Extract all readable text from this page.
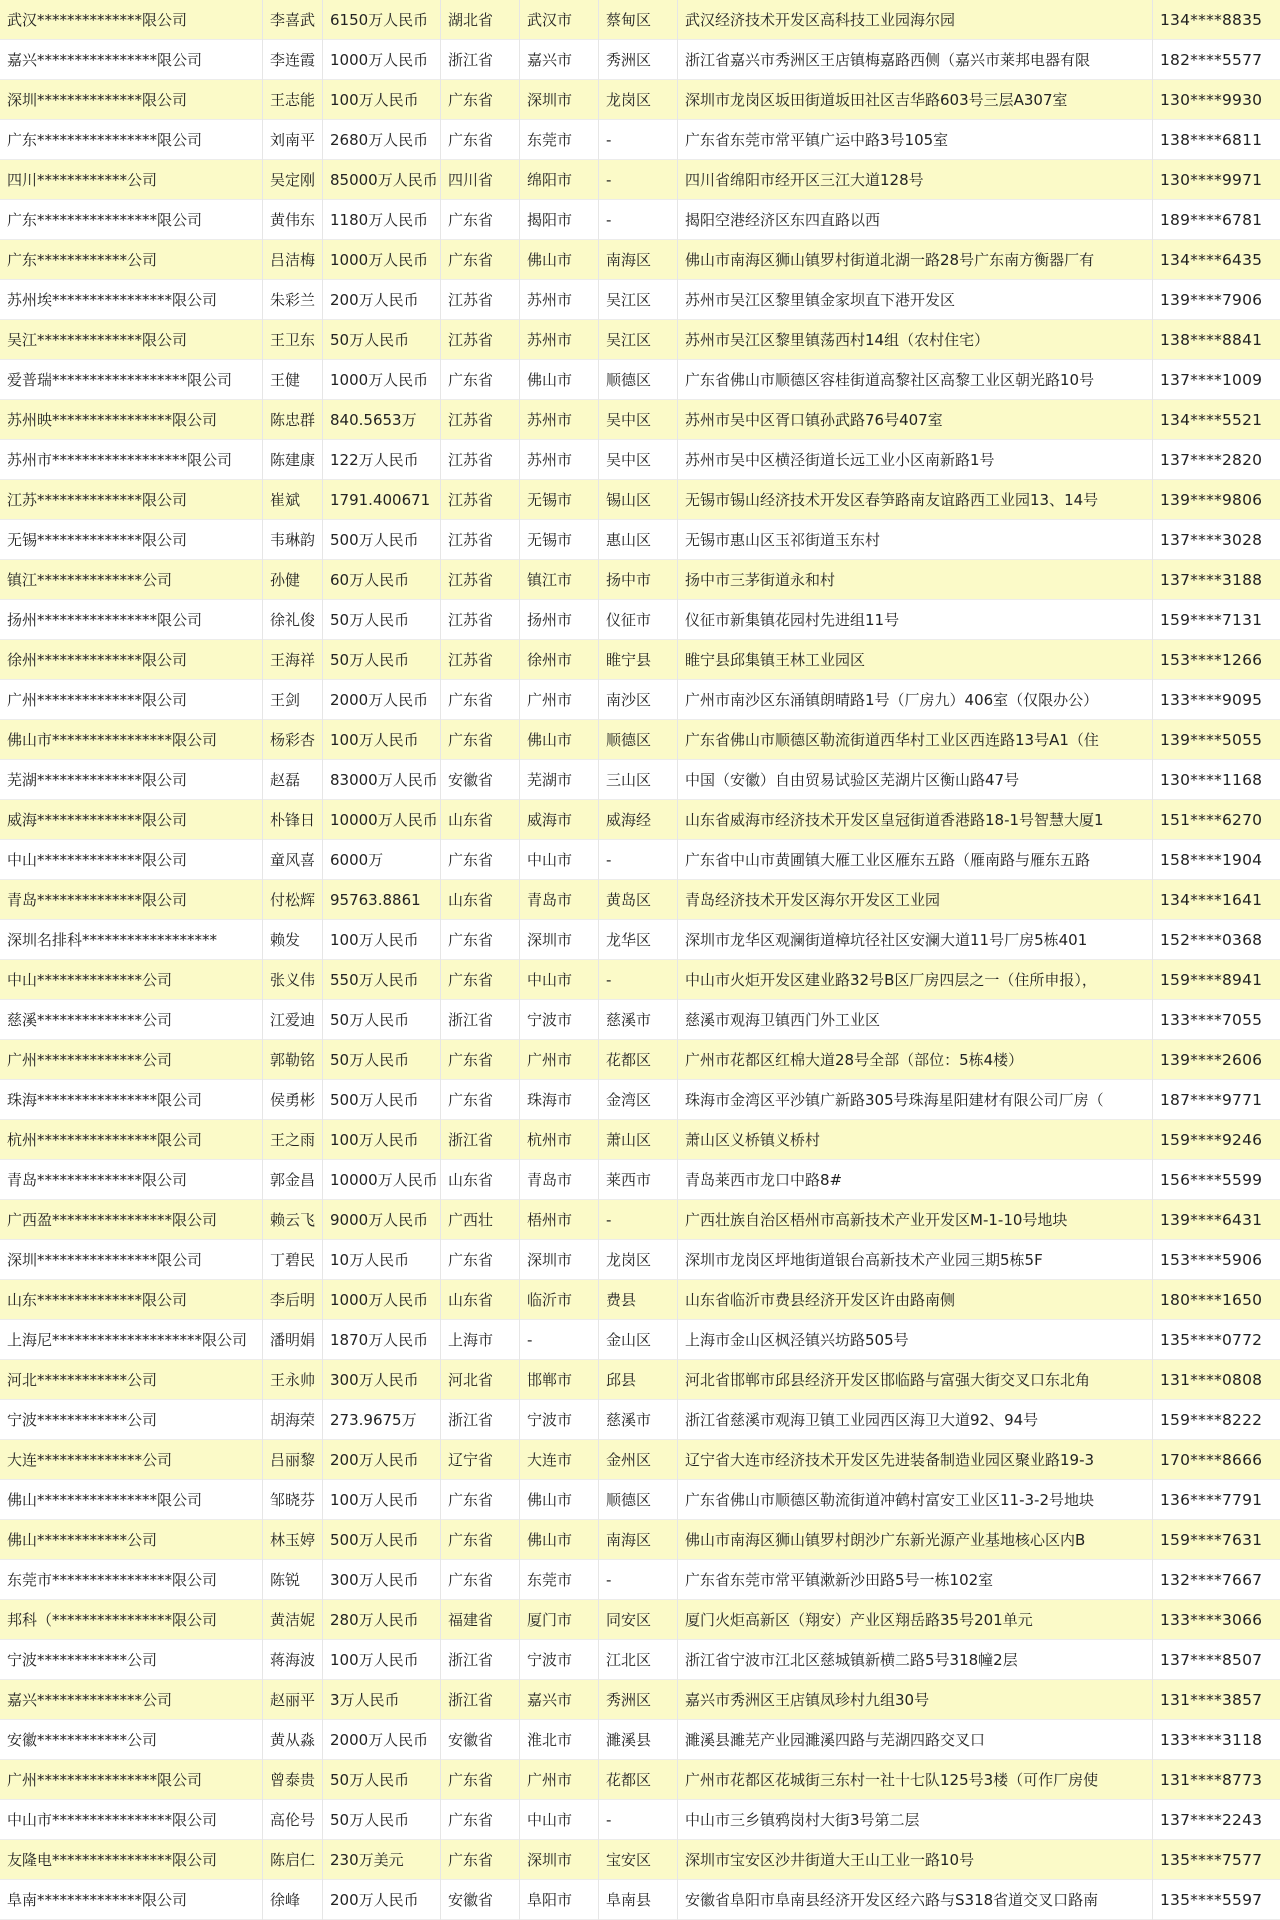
武汉**************限公司	李喜武 6150万人民币	湖北省	武汉市	蔡甸区	武汉经济技术开发区高科技工业园海尔园	134****8835
嘉兴****************限公司	李连霞 1000万人民币	浙江省	嘉兴市	秀洲区	浙江省嘉兴市秀洲区王店镇梅嘉路西侧（嘉兴市莱邦电器有限	182****5577
深圳**************限公司	王志能 100万人民币	广东省	深圳市	龙岗区	深圳市龙岗区坂田街道坂田社区吉华路603号三层A307室	130****9930
广东****************限公司	刘南平 2680万人民币	广东省	东莞市	-	广东省东莞市常平镇广运中路3号105室	138****6811
四川************公司	吴定刚 85000万人民币 四川省	绵阳市	-	四川省绵阳市经开区三江大道128号	130****9971
广东****************限公司	黄伟东 1180万人民币	广东省	揭阳市	-	揭阳空港经济区东四直路以西	189****6781
广东************公司	吕洁梅 1000万人民币	广东省	佛山市	南海区	佛山市南海区狮山镇罗村街道北湖一路28号广东南方衡器厂有	134****6435
苏州埃****************限公司	朱彩兰 200万人民币	江苏省	苏州市	吴江区	苏州市吴江区黎里镇金家坝直下港开发区	139****7906
吴江**************限公司	王卫东 50万人民币	江苏省	苏州市	吴江区	苏州市吴江区黎里镇荡西村14组（农村住宅）	138****8841
爱普瑞******************限公司	王健	1000万人民币	广东省	佛山市	顺德区	广东省佛山市顺德区容桂街道高黎社区高黎工业区朝光路10号	137****1009
苏州映****************限公司	陈忠群 840.5653万	江苏省	苏州市	吴中区	苏州市吴中区胥口镇孙武路76号407室	134****5521
苏州市******************限公司	陈建康 122万人民币	江苏省	苏州市	吴中区	苏州市吴中区横泾街道长远工业小区南新路1号	137****2820
江苏**************限公司	崔斌	1791.400671	江苏省	无锡市	锡山区	无锡市锡山经济技术开发区春笋路南友谊路西工业园13、14号	139****9806
无锡**************限公司	韦琳韵 500万人民币	江苏省	无锡市	惠山区	无锡市惠山区玉祁街道玉东村	137****3028
镇江**************公司	孙健	60万人民币	江苏省	镇江市	扬中市	扬中市三茅街道永和村	137****3188
扬州****************限公司	徐礼俊 50万人民币	江苏省	扬州市	仪征市	仪征市新集镇花园村先进组11号	159****7131
徐州**************限公司	王海祥 50万人民币	江苏省	徐州市	睢宁县	睢宁县邱集镇王林工业园区	153****1266
广州**************限公司	王剑	2000万人民币	广东省	广州市	南沙区	广州市南沙区东涌镇朗晴路1号（厂房九）406室（仅限办公）	133****9095
佛山市****************限公司	杨彩杏 100万人民币	广东省	佛山市	顺德区	广东省佛山市顺德区勒流街道西华村工业区西连路13号A1（住	139****5055
芜湖**************限公司	赵磊	83000万人民币 安徽省	芜湖市	三山区	中国（安徽）自由贸易试验区芜湖片区衡山路47号	130****1168
威海**************限公司	朴锋日 10000万人民币 山东省	威海市	威海经	山东省威海市经济技术开发区皇冠街道香港路18-1号智慧大厦1	151****6270
中山**************限公司	童风喜 6000万	广东省	中山市	-	广东省中山市黄圃镇大雁工业区雁东五路（雁南路与雁东五路	158****1904
青岛**************限公司	付松辉 95763.8861	山东省	青岛市	黄岛区	青岛经济技术开发区海尔开发区工业园	134****1641
深圳名排科******************	赖发	100万人民币	广东省	深圳市	龙华区	深圳市龙华区观澜街道樟坑径社区安澜大道11号厂房5栋401	152****0368
中山**************公司	张义伟 550万人民币	广东省	中山市	-	中山市火炬开发区建业路32号B区厂房四层之一（住所申报），	159****8941
慈溪**************公司	江爱迪 50万人民币	浙江省	宁波市	慈溪市	慈溪市观海卫镇西门外工业区	133****7055
广州**************公司	郭勒铭 50万人民币	广东省	广州市	花都区	广州市花都区红棉大道28号全部（部位：5栋4楼）	139****2606
珠海****************限公司	侯勇彬 500万人民币	广东省	珠海市	金湾区	珠海市金湾区平沙镇广新路305号珠海星阳建材有限公司厂房（	187****9771
杭州****************限公司	王之雨 100万人民币	浙江省	杭州市	萧山区	萧山区义桥镇义桥村	159****9246
青岛**************限公司	郭金昌 10000万人民币 山东省	青岛市	莱西市	青岛莱西市龙口中路8#	156****5599
广西盈****************限公司	赖云飞 9000万人民币	广西壮	梧州市	-	广西壮族自治区梧州市高新技术产业开发区M-1-10号地块	139****6431
深圳****************限公司	丁碧民 10万人民币	广东省	深圳市	龙岗区	深圳市龙岗区坪地街道银台高新技术产业园三期5栋5F	153****5906
山东**************限公司	李后明 1000万人民币	山东省	临沂市	费县	山东省临沂市费县经济开发区许由路南侧	180****1650
上海尼********************限公司	潘明娟 1870万人民币	上海市	-	金山区	上海市金山区枫泾镇兴坊路505号	135****0772
河北************公司	王永帅 300万人民币	河北省	邯郸市	邱县	河北省邯郸市邱县经济开发区邯临路与富强大街交叉口东北角	131****0808
宁波************公司	胡海荣 273.9675万	浙江省	宁波市	慈溪市	浙江省慈溪市观海卫镇工业园西区海卫大道92、94号	159****8222
大连**************公司	吕丽黎 200万人民币	辽宁省	大连市	金州区	辽宁省大连市经济技术开发区先进装备制造业园区聚业路19-3	170****8666
佛山****************限公司	邹晓芬 100万人民币	广东省	佛山市	顺德区	广东省佛山市顺德区勒流街道冲鹤村富安工业区11-3-2号地块	136****7791
佛山************公司	林玉婷 500万人民币	广东省	佛山市	南海区	佛山市南海区狮山镇罗村朗沙广东新光源产业基地核心区内B	159****7631
东莞市****************限公司	陈锐	300万人民币	广东省	东莞市	-	广东省东莞市常平镇漱新沙田路5号一栋102室	132****7667
邦科（****************限公司	黄洁妮 280万人民币	福建省	厦门市	同安区	厦门火炬高新区（翔安）产业区翔岳路35号201单元	133****3066
宁波************公司	蒋海波 100万人民币	浙江省	宁波市	江北区	浙江省宁波市江北区慈城镇新横二路5号318幢2层	137****8507
嘉兴**************公司	赵丽平 3万人民币	浙江省	嘉兴市	秀洲区	嘉兴市秀洲区王店镇凤珍村九组30号	131****3857
安徽************公司	黄从淼 2000万人民币	安徽省	淮北市	濉溪县	濉溪县濉芜产业园濉溪四路与芜湖四路交叉口	133****3118
广州****************限公司	曾泰贵 50万人民币	广东省	广州市	花都区	广州市花都区花城街三东村一社十七队125号3楼（可作厂房使	131****8773
中山市****************限公司	高伦号 50万人民币	广东省	中山市	-	中山市三乡镇鸦岗村大街3号第二层	137****2243
友隆电****************限公司	陈启仁 230万美元	广东省	深圳市	宝安区	深圳市宝安区沙井街道大王山工业一路10号	135****7577
阜南**************限公司	徐峰	200万人民币	安徽省	阜阳市	阜南县	安徽省阜阳市阜南县经济开发区经六路与S318省道交叉口路南	135****5597
